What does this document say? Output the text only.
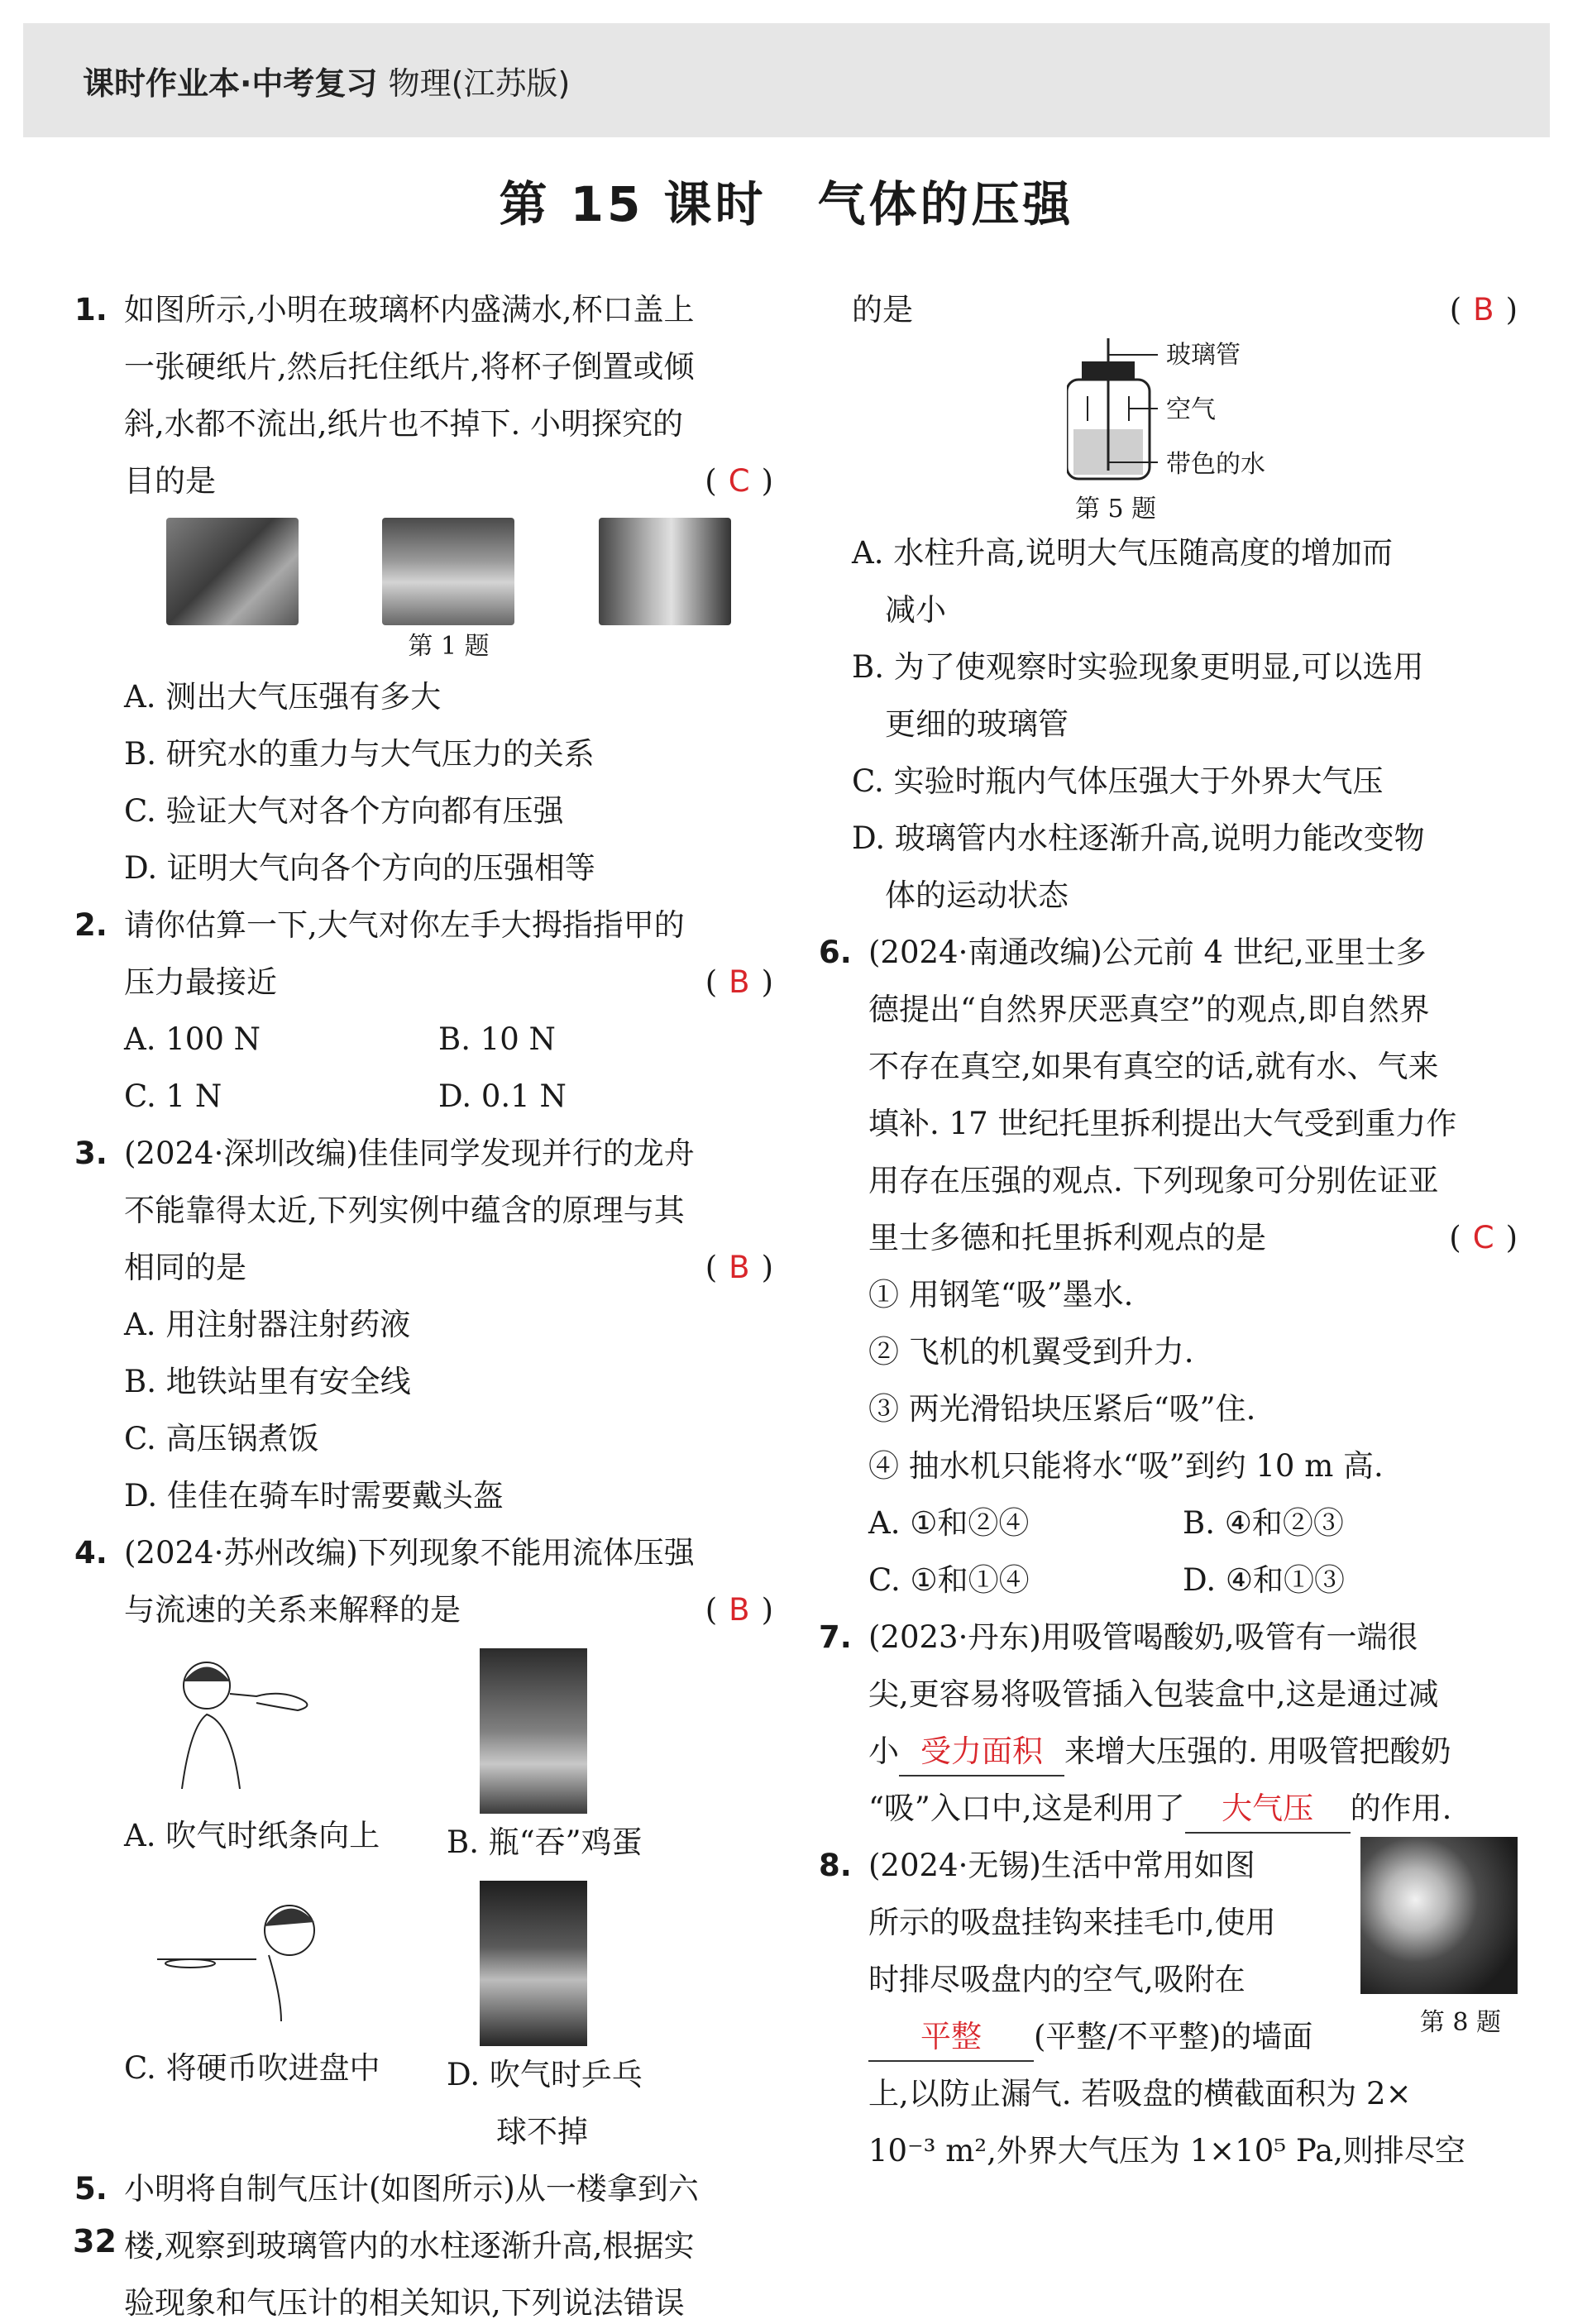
课时作业本·中考复习 物理(江苏版)
第 15 课时　气体的压强
1. 如图所示,小明在玻璃杯内盛满水,杯口盖上
一张硬纸片,然后托住纸片,将杯子倒置或倾
斜,水都不流出,纸片也不掉下. 小明探究的
目的是	( C )
第 1 题
A. 测出大气压强有多大
B. 研究水的重力与大气压力的关系
C. 验证大气对各个方向都有压强
D. 证明大气向各个方向的压强相等
2. 请你估算一下,大气对你左手大拇指指甲的
压力最接近	( B )
A. 100 N	B. 10 N
C. 1 N	D. 0.1 N
3. (2024·深圳改编)佳佳同学发现并行的龙舟
不能靠得太近,下列实例中蕴含的原理与其
相同的是	( B )
A. 用注射器注射药液
B. 地铁站里有安全线
C. 高压锅煮饭
D. 佳佳在骑车时需要戴头盔
4. (2024·苏州改编)下列现象不能用流体压强
与流速的关系来解释的是	( B )
A. 吹气时纸条向上	B. 瓶“吞”鸡蛋
C. 将硬币吹进盘中	D. 吹气时乒乓
球不掉
5. 小明将自制气压计(如图所示)从一楼拿到六
楼,观察到玻璃管内的水柱逐渐升高,根据实
验现象和气压计的相关知识,下列说法错误
的是	( B )
玻璃管
空气
带色的水
第 5 题
A. 水柱升高,说明大气压随高度的增加而
减小
B. 为了使观察时实验现象更明显,可以选用
更细的玻璃管
C. 实验时瓶内气体压强大于外界大气压
D. 玻璃管内水柱逐渐升高,说明力能改变物
体的运动状态
6. (2024·南通改编)公元前 4 世纪,亚里士多
德提出“自然界厌恶真空”的观点,即自然界
不存在真空,如果有真空的话,就有水、气来
填补. 17 世纪托里拆利提出大气受到重力作
用存在压强的观点. 下列现象可分别佐证亚
里士多德和托里拆利观点的是	( C )
① 用钢笔“吸”墨水.
② 飞机的机翼受到升力.
③ 两光滑铅块压紧后“吸”住.
④ 抽水机只能将水“吸”到约 10 m 高.
A. ①和②④	B. ④和②③
C. ①和①④	D. ④和①③
7. (2023·丹东)用吸管喝酸奶,吸管有一端很
尖,更容易将吸管插入包装盒中,这是通过减
小 受力面积 来增大压强的. 用吸管把酸奶
“吸”入口中,这是利用了 大气压 的作用.
8.
第 8 题
(2024·无锡)生活中常用如图
所示的吸盘挂钩来挂毛巾,使用
时排尽吸盘内的空气,吸附在
平整 (平整/不平整)的墙面
上,以防止漏气. 若吸盘的横截面积为 2×
10⁻³ m²,外界大气压为 1×10⁵ Pa,则排尽空
32
